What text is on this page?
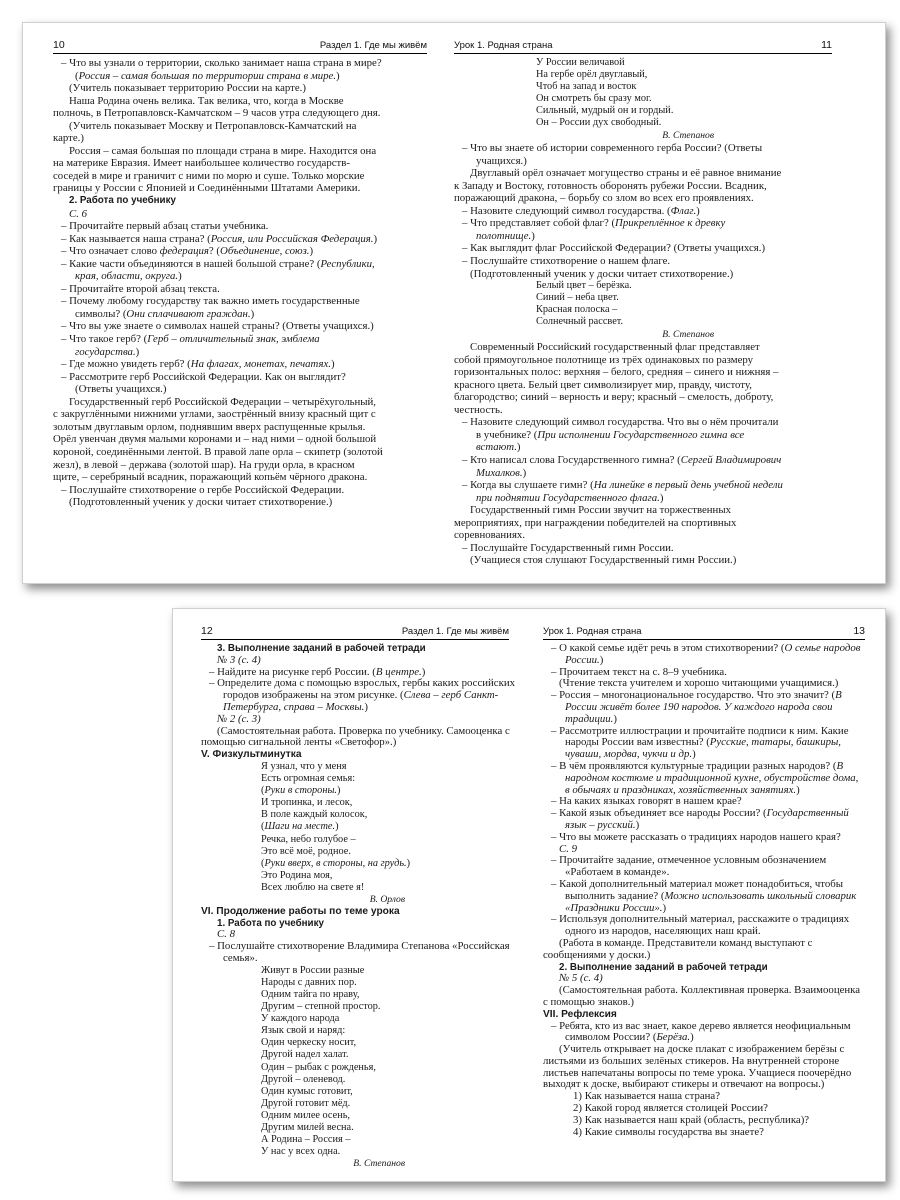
10	Раздел 1. Где мы живём

– Что вы узнали о территории, сколько занимает наша страна в мире? (Россия – самая большая по территории страна в мире.)

(Учитель показывает территорию России на карте.)

Наша Родина очень велика. Так велика, что, когда в Москве полночь, в Петропавловск-Камчатском – 9 часов утра следующего дня.

(Учитель показывает Москву и Петропавловск-Камчатский на карте.)

Россия – самая большая по площади страна в мире. Находится она на материке Евразия. Имеет наибольшее количество государств-соседей в мире и граничит с ними по морю и суше. Только морские границы у России с Японией и Соединёнными Штатами Америки.

2. Работа по учебнику

С. 6

– Прочитайте первый абзац статьи учебника.

– Как называется наша страна? (Россия, или Российская Федерация.)

– Что означает слово федерация? (Объединение, союз.)

– Какие части объединяются в нашей большой стране? (Республики, края, области, округа.)

– Прочитайте второй абзац текста.

– Почему любому государству так важно иметь государственные символы? (Они сплачивают граждан.)

– Что вы уже знаете о символах нашей страны? (Ответы учащихся.)

– Что такое герб? (Герб – отличительный знак, эмблема государства.)

– Где можно увидеть герб? (На флагах, монетах, печатях.)

– Рассмотрите герб Российской Федерации. Как он выглядит? (Ответы учащихся.)

Государственный герб Российской Федерации – четырёхугольный, с закруглёнными нижними углами, заострённый внизу красный щит с золотым двуглавым орлом, поднявшим вверх распущенные крылья. Орёл увенчан двумя малыми коронами и – над ними – одной большой короной, соединёнными лентой. В правой лапе орла – скипетр (золотой жезл), в левой – держава (золотой шар). На груди орла, в красном щите, – серебряный всадник, поражающий копьём чёрного дракона.

– Послушайте стихотворение о гербе Российской Федерации.

(Подготовленный ученик у доски читает стихотворение.)

Урок 1. Родная страна	11

У России величавой

На гербе орёл двуглавый,

Чтоб на запад и восток

Он смотреть бы сразу мог.

Сильный, мудрый он и гордый.

Он – России дух свободный.

В. Степанов

– Что вы знаете об истории современного герба России? (Ответы учащихся.)

Двуглавый орёл означает могущество страны и её равное внимание к Западу и Востоку, готовность оборонять рубежи России. Всадник, поражающий дракона, – борьбу со злом во всех его проявлениях.

– Назовите следующий символ государства. (Флаг.)

– Что представляет собой флаг? (Прикреплённое к древку полотнище.)

– Как выглядит флаг Российской Федерации? (Ответы учащихся.)

– Послушайте стихотворение о нашем флаге.

(Подготовленный ученик у доски читает стихотворение.)

Белый цвет – берёзка.

Синий – неба цвет.

Красная полоска –

Солнечный рассвет.

В. Степанов

Современный Российский государственный флаг представляет собой прямоугольное полотнище из трёх одинаковых по размеру горизонтальных полос: верхняя – белого, средняя – синего и нижняя – красного цвета. Белый цвет символизирует мир, правду, чистоту, благородство; синий – верность и веру; красный – смелость, доброту, честность.

– Назовите следующий символ государства. Что вы о нём прочитали в учебнике? (При исполнении Государственного гимна все встают.)

– Кто написал слова Государственного гимна? (Сергей Владимирович Михалков.)

– Когда вы слушаете гимн? (На линейке в первый день учебной недели при поднятии Государственного флага.)

Государственный гимн России звучит на торжественных мероприятиях, при награждении победителей на спортивных соревнованиях.

– Послушайте Государственный гимн России.

(Учащиеся стоя слушают Государственный гимн России.)

12	Раздел 1. Где мы живём

3. Выполнение заданий в рабочей тетради

№ 3 (с. 4)

– Найдите на рисунке герб России. (В центре.)

– Определите дома с помощью взрослых, гербы каких российских городов изображены на этом рисунке. (Слева – герб Санкт-Петербурга, справа – Москвы.)

№ 2 (с. 3)

(Самостоятельная работа. Проверка по учебнику. Самооценка с помощью сигнальной ленты «Светофор».)

V. Физкультминутка

Я узнал, что у меня

Есть огромная семья:

(Руки в стороны.)

И тропинка, и лесок,

В поле каждый колосок,

(Шаги на месте.)

Речка, небо голубое –

Это всё моё, родное.

(Руки вверх, в стороны, на грудь.)

Это Родина моя,

Всех люблю на свете я!

В. Орлов

VI. Продолжение работы по теме урока

1. Работа по учебнику

С. 8

– Послушайте стихотворение Владимира Степанова «Российская семья».

Живут в России разные

Народы с давних пор.

Одним тайга по нраву,

Другим – степной простор.

У каждого народа

Язык свой и наряд:

Один черкеску носит,

Другой надел халат.

Один – рыбак с рожденья,

Другой – оленевод.

Один кумыс готовит,

Другой готовит мёд.

Одним милее осень,

Другим милей весна.

А Родина – Россия –

У нас у всех одна.

В. Степанов

Урок 1. Родная страна	13

– О какой семье идёт речь в этом стихотворении? (О семье народов России.)

– Прочитаем текст на с. 8–9 учебника.

(Чтение текста учителем и хорошо читающими учащимися.)

– Россия – многонациональное государство. Что это значит? (В России живёт более 190 народов. У каждого народа свои традиции.)

– Рассмотрите иллюстрации и прочитайте подписи к ним. Какие народы России вам известны? (Русские, татары, башкиры, чуваши, мордва, чукчи и др.)

– В чём проявляются культурные традиции разных народов? (В народном костюме и традиционной кухне, обустройстве дома, в обычаях и праздниках, хозяйственных занятиях.)

– На каких языках говорят в нашем крае?

– Какой язык объединяет все народы России? (Государственный язык – русский.)

– Что вы можете рассказать о традициях народов нашего края?

С. 9

– Прочитайте задание, отмеченное условным обозначением «Работаем в команде».

– Какой дополнительный материал может понадобиться, чтобы выполнить задание? (Можно использовать школьный словарик «Праздники России».)

– Используя дополнительный материал, расскажите о традициях одного из народов, населяющих наш край.

(Работа в команде. Представители команд выступают с сообщениями у доски.)

2. Выполнение заданий в рабочей тетради

№ 5 (с. 4)

(Самостоятельная работа. Коллективная проверка. Взаимооценка с помощью знаков.)

VII. Рефлексия

– Ребята, кто из вас знает, какое дерево является неофициальным символом России? (Берёза.)

(Учитель открывает на доске плакат с изображением берёзы с листьями из больших зелёных стикеров. На внутренней стороне листьев напечатаны вопросы по теме урока. Учащиеся поочерёдно выходят к доске, выбирают стикеры и отвечают на вопросы.)

1) Как называется наша страна?

2) Какой город является столицей России?

3) Как называется наш край (область, республика)?

4) Какие символы государства вы знаете?
